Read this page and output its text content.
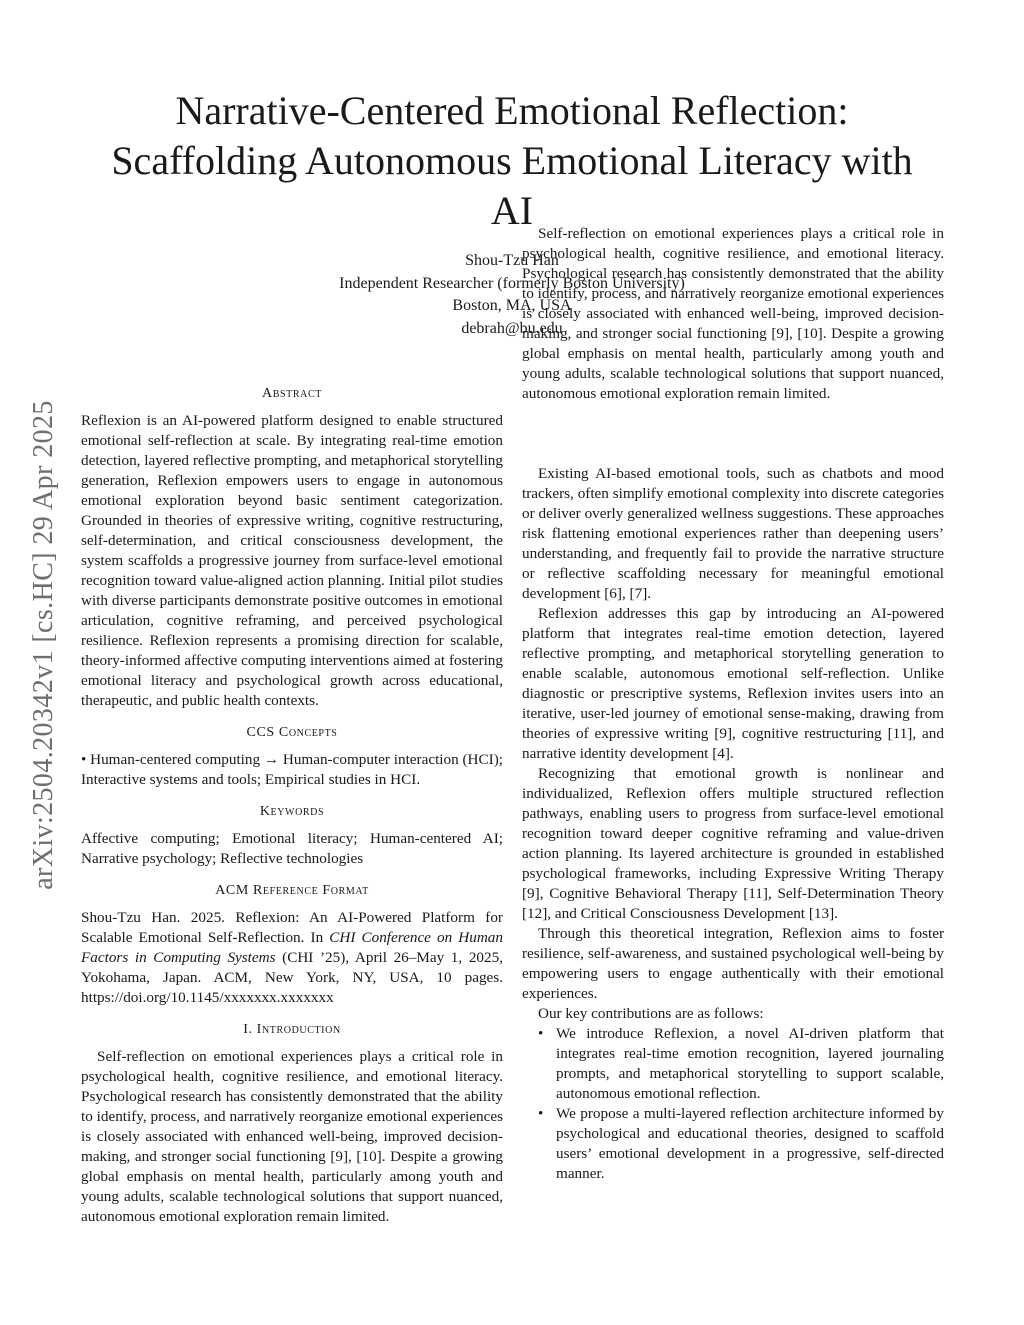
arXiv:2504.20342v1 [cs.HC] 29 Apr 2025
Narrative-Centered Emotional Reflection:
Scaffolding Autonomous Emotional Literacy with
AI
Shou-Tzu Han
Independent Researcher (formerly Boston University)
Boston, MA, USA
debrah@bu.edu
Abstract

Reflexion is an AI-powered platform designed to enable structured emotional self-reflection at scale. By integrating real-time emotion detection, layered reflective prompting, and metaphorical storytelling generation, Reflexion empowers users to engage in autonomous emotional exploration beyond basic sentiment categorization. Grounded in theories of expressive writing, cognitive restructuring, self-determination, and critical consciousness development, the system scaffolds a progressive journey from surface-level emotional recognition toward value-aligned action planning. Initial pilot studies with diverse participants demonstrate positive outcomes in emotional articulation, cognitive reframing, and perceived psychological resilience. Reflexion represents a promising direction for scalable, theory-informed affective computing interventions aimed at fostering emotional literacy and psychological growth across educational, therapeutic, and public health contexts.

CCS Concepts

• Human-centered computing → Human-computer interaction (HCI); Interactive systems and tools; Empirical studies in HCI.

Keywords

Affective computing; Emotional literacy; Human-centered AI; Narrative psychology; Reflective technologies

ACM Reference Format

Shou-Tzu Han. 2025. Reflexion: An AI-Powered Platform for Scalable Emotional Self-Reflection. In CHI Conference on Human Factors in Computing Systems (CHI ’25), April 26–May 1, 2025, Yokohama, Japan. ACM, New York, NY, USA, 10 pages. https://doi.org/10.1145/xxxxxxx.xxxxxxx

I. Introduction

Self-reflection on emotional experiences plays a critical role in psychological health, cognitive resilience, and emotional literacy. Psychological research has consistently demonstrated that the ability to identify, process, and narratively reorganize emotional experiences is closely associated with enhanced well-being, improved decision-making, and stronger social functioning [9], [10]. Despite a growing global emphasis on mental health, particularly among youth and young adults, scalable technological solutions that support nuanced, autonomous emotional exploration remain limited.

Self-reflection on emotional experiences plays a critical role in psychological health, cognitive resilience, and emotional literacy. Psychological research has consistently demonstrated that the ability to identify, process, and narratively reorganize emotional experiences is closely associated with enhanced well-being, improved decision-making, and stronger social functioning [9], [10]. Despite a growing global emphasis on mental health, particularly among youth and young adults, scalable technological solutions that support nuanced, autonomous emotional exploration remain limited.

Existing AI-based emotional tools, such as chatbots and mood trackers, often simplify emotional complexity into discrete categories or deliver overly generalized wellness suggestions. These approaches risk flattening emotional experiences rather than deepening users’ understanding, and frequently fail to provide the narrative structure or reflective scaffolding necessary for meaningful emotional development [6], [7].

Reflexion addresses this gap by introducing an AI-powered platform that integrates real-time emotion detection, layered reflective prompting, and metaphorical storytelling generation to enable scalable, autonomous emotional self-reflection. Unlike diagnostic or prescriptive systems, Reflexion invites users into an iterative, user-led journey of emotional sense-making, drawing from theories of expressive writing [9], cognitive restructuring [11], and narrative identity development [4].

Recognizing that emotional growth is nonlinear and individualized, Reflexion offers multiple structured reflection pathways, enabling users to progress from surface-level emotional recognition toward deeper cognitive reframing and value-driven action planning. Its layered architecture is grounded in established psychological frameworks, including Expressive Writing Therapy [9], Cognitive Behavioral Therapy [11], Self-Determination Theory [12], and Critical Consciousness Development [13].

Through this theoretical integration, Reflexion aims to foster resilience, self-awareness, and sustained psychological well-being by empowering users to engage authentically with their emotional experiences.

Our key contributions are as follows:

• We introduce Reflexion, a novel AI-driven platform that integrates real-time emotion recognition, layered journaling prompts, and metaphorical storytelling to support scalable, autonomous emotional reflection.
• We propose a multi-layered reflection architecture informed by psychological and educational theories, designed to scaffold users’ emotional development in a progressive, self-directed manner.
